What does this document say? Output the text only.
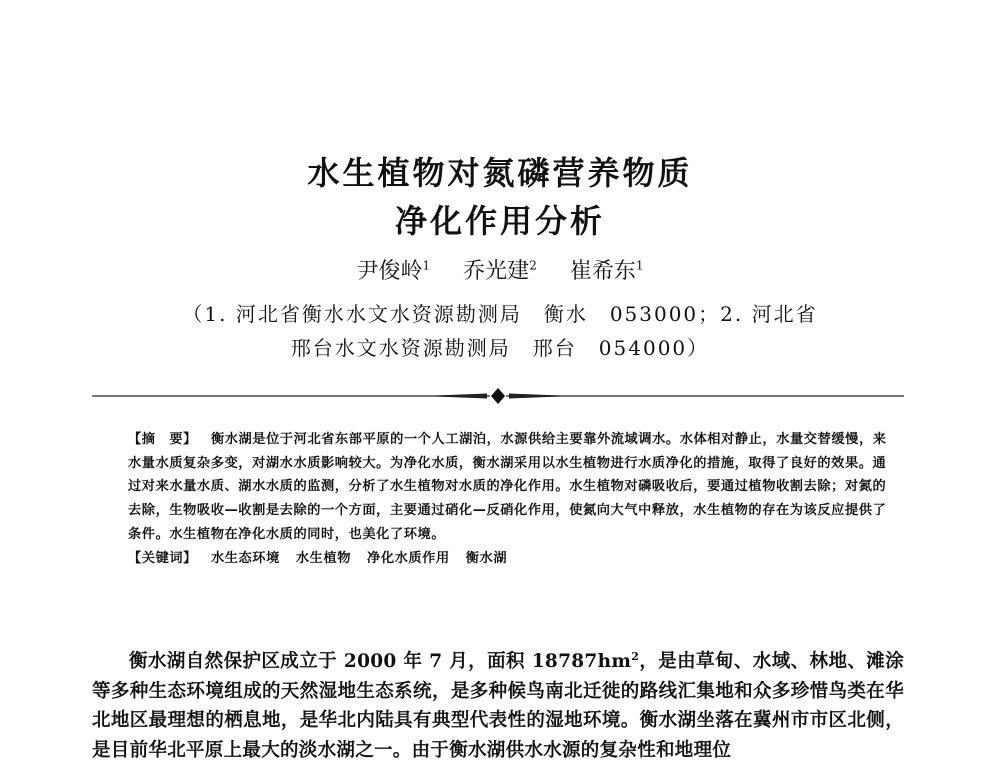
水生植物对氮磷营养物质
净化作用分析
尹俊岭$^1$ 乔光建$^2$ 崔希东$^1$
（1. 河北省衡水水文水资源勘测局　衡水　053000；2. 河北省
邢台水文水资源勘测局　邢台　054000）
【摘　要】 衡水湖是位于河北省东部平原的一个人工湖泊，水源供给主要靠外流域调水。水体相对静止，水量交替缓慢，来水量水质复杂多变，对湖水水质影响较大。为净化水质，衡水湖采用以水生植物进行水质净化的措施，取得了良好的效果。通过对来水量水质、湖水水质的监测，分析了水生植物对水质的净化作用。水生植物对磷吸收后，要通过植物收割去除；对氮的去除，生物吸收—收割是去除的一个方面，主要通过硝化—反硝化作用，使氮向大气中释放，水生植物的存在为该反应提供了条件。水生植物在净化水质的同时，也美化了环境。
【关键词】 水生态环境 水生植物 净化水质作用 衡水湖

衡水湖自然保护区成立于 2000 年 7 月，面积 $18787hm^2$，是由草甸、水域、林地、滩涂等多种生态环境组成的天然湿地生态系统，是多种候鸟南北迁徙的路线汇集地和众多珍惜鸟类在华北地区最理想的栖息地，是华北内陆具有典型代表性的湿地环境。衡水湖坐落在冀州市市区北侧，是目前华北平原上最大的淡水湖之一。由于衡水湖供水水源的复杂性和地理位
